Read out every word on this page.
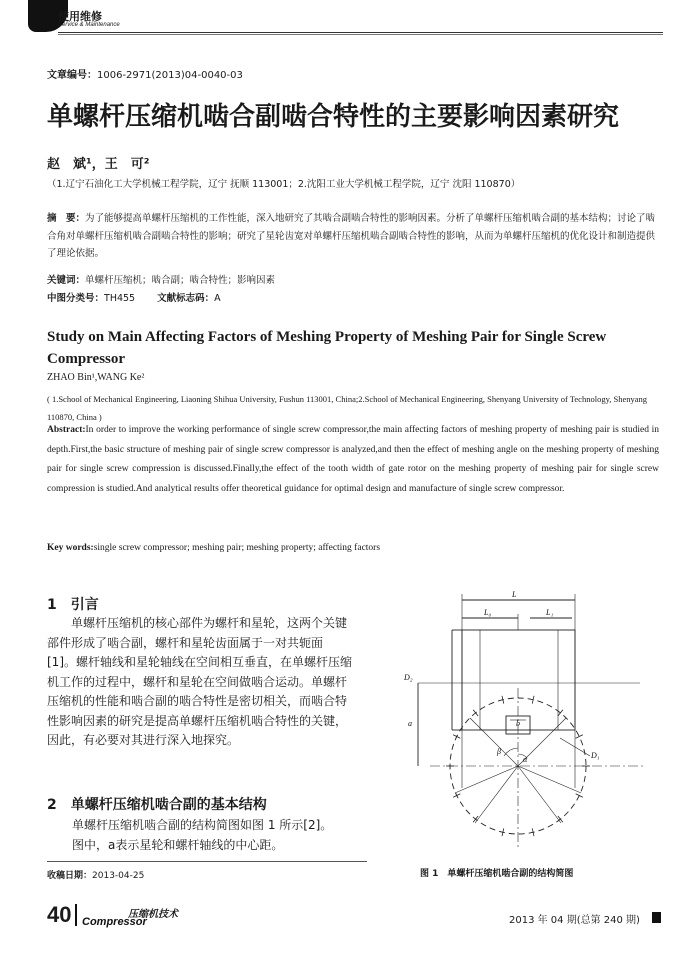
使用维修
Service & Maintenance
文章编号：1006-2971(2013)04-0040-03
单螺杆压缩机啮合副啮合特性的主要影响因素研究
赵　斌¹，王　可²
（1.辽宁石油化工大学机械工程学院，辽宁 抚顺 113001；2.沈阳工业大学机械工程学院，辽宁 沈阳 110870）
摘　要：为了能够提高单螺杆压缩机的工作性能，深入地研究了其啮合副啮合特性的影响因素。分析了单螺杆压缩机啮合副的基本结构；讨论了啮合角对单螺杆压缩机啮合副啮合特性的影响；研究了星轮齿宽对单螺杆压缩机啮合副啮合特性的影响，从而为单螺杆压缩机的优化设计和制造提供了理论依据。
关键词：单螺杆压缩机；啮合副；啮合特性；影响因素
中图分类号：TH455 文献标志码：A
Study on Main Affecting Factors of Meshing Property of Meshing Pair for Single Screw Compressor
ZHAO Bin¹,WANG Ke²
( 1.School of Mechanical Engineering, Liaoning Shihua University, Fushun 113001, China;2.School of Mechanical Engineering, Shenyang University of Technology, Shenyang 110870, China )
Abstract:In order to improve the working performance of single screw compressor,the main affecting factors of meshing property of meshing pair is studied in depth.First,the basic structure of meshing pair of single screw compressor is analyzed,and then the effect of meshing angle on the meshing property of meshing pair for single screw compression is discussed.Finally,the effect of the tooth width of gate rotor on the meshing property of meshing pair for single screw compression is studied.And analytical results offer theoretical guidance for optimal design and manufacture of single screw compressor.
Key words:single screw compressor; meshing pair; meshing property; affecting factors
1　引言
单螺杆压缩机的核心部件为螺杆和星轮，这两个关键部件形成了啮合副，螺杆和星轮齿面属于一对共轭面 [1]。螺杆轴线和星轮轴线在空间相互垂直，在单螺杆压缩机工作的过程中，螺杆和星轮在空间做啮合运动。单螺杆压缩机的性能和啮合副的啮合特性是密切相关，而啮合特性影响因素的研究是提高单螺杆压缩机啮合特性的关键，因此，有必要对其进行深入地探究。
2　单螺杆压缩机啮合副的基本结构
单螺杆压缩机啮合副的结构简图如图 1 所示[2]。
图中，a表示星轮和螺杆轴线的中心距。
收稿日期：2013-04-25
L
L₀	L₁
D₂
a	b
β
α	D₁
图 1　单螺杆压缩机啮合副的结构简图
40	压缩机技术
Compressor	2013 年 04 期(总第 240 期)
